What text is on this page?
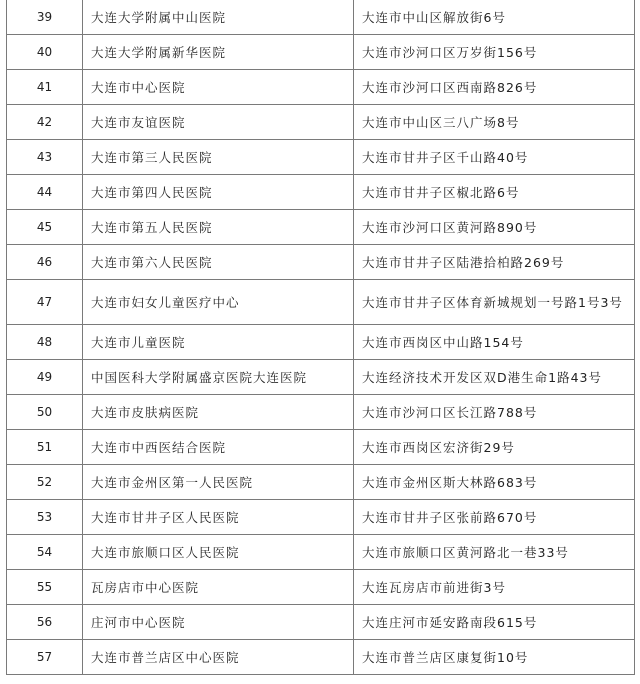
39	大连大学附属中山医院	大连市中山区解放街6号
40	大连大学附属新华医院	大连市沙河口区万岁街156号
41	大连市中心医院	大连市沙河口区西南路826号
42	大连市友谊医院	大连市中山区三八广场8号
43	大连市第三人民医院	大连市甘井子区千山路40号
44	大连市第四人民医院	大连市甘井子区椒北路6号
45	大连市第五人民医院	大连市沙河口区黄河路890号
46	大连市第六人民医院	大连市甘井子区陆港拾柏路269号
47	大连市妇女儿童医疗中心	大连市甘井子区体育新城规划一号路1号3号
48	大连市儿童医院	大连市西岗区中山路154号
49	中国医科大学附属盛京医院大连医院	大连经济技术开发区双D港生命1路43号
50	大连市皮肤病医院	大连市沙河口区长江路788号
51	大连市中西医结合医院	大连市西岗区宏济街29号
52	大连市金州区第一人民医院	大连市金州区斯大林路683号
53	大连市甘井子区人民医院	大连市甘井子区张前路670号
54	大连市旅顺口区人民医院	大连市旅顺口区黄河路北一巷33号
55	瓦房店市中心医院	大连瓦房店市前进街3号
56	庄河市中心医院	大连庄河市延安路南段615号
57	大连市普兰店区中心医院	大连市普兰店区康复街10号
